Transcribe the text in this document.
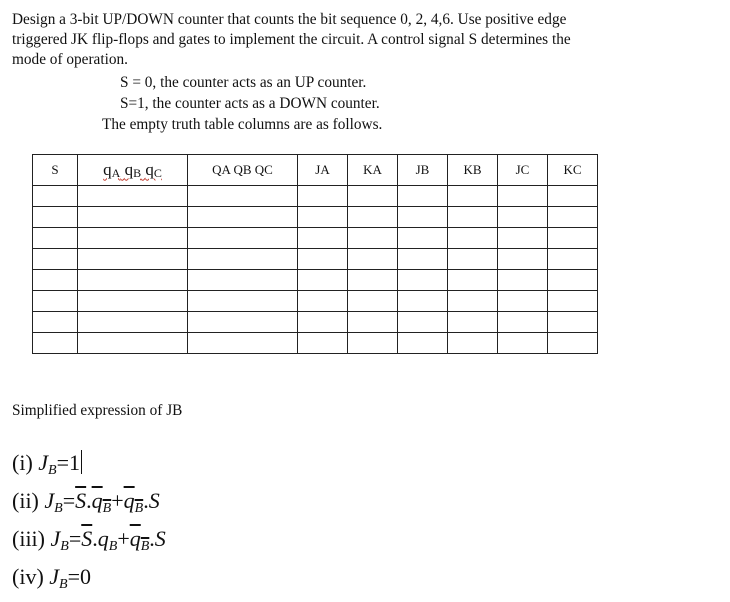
Design a 3-bit UP/DOWN counter that counts the bit sequence 0, 2, 4,6. Use positive edge
triggered JK flip-flops and gates to implement the circuit. A control signal S determines the
mode of operation.
S = 0, the counter acts as an UP counter.
S=1, the counter acts as a DOWN counter.
The empty truth table columns are as follows.
S	qA qB qC	QA QB QC	JA	KA	JB	KB	JC	KC

Simplified expression of JB
(i) JB=1
(ii) $JB=\overline{S}.qB+qB.S$
(iii) $JB=\overline{S}.qB+qB.S$
(iv) JB=0
